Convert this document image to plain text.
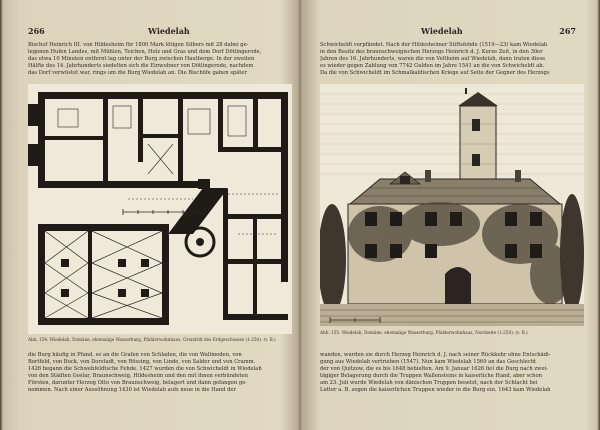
266	Wiedelah
Bischof Heinrich III. von Hildesheim für 1800 Mark lötigen Silbers mit 28 dabei ge-
legenen Hufen Landes, mit Mühlen, Teichen, Holz und Gras und dem Dorf Dötlingerode,
das etwa 10 Minuten entfernt lag unter der Burg zwischen Hautberge. In der zweiten
Hälfte des 14. Jahrhunderts siedelten sich die Einwohner von Dötlingerode, nachdem
das Dorf verwüstet war, rings um die Burg Wiedelah an. Die Bischöfe gaben später
Abb. 154. Wiedelah, Domäne, ehemalige Wasserburg, Pfahlerwohnhaus, Grundriß des Erdgeschosses (1:250). (v. B.)
die Burg häufig in Pfand, so an die Grafen von Schladen, die von Wallmoden, von
Bortfeld, von Bock, von Dorstadt, von Rössing, von Linde, von Salder und von Cramm.
1426 begann die Schwehfeldtsche Fehde. 1427 wurden die von Schwicheldt in Wiedelah
von den Städten Goslar, Braunschweig, Hildesheim und den mit ihnen verbündeten
Fürsten, darunter Herzog Otto von Braunschweig, belagert und dann gefangen ge-
nommen. Nach einer Aussöhnung 1430 ist Wiedelah aufs neue in die Hand der
Wiedelah	267
Schwicheldt verpfändet. Nach der Hildesheimer Stiftsfehde (1519—23) kam Wiedelah
in den Besitz des braunschweigischen Herzogs Heinrich d. J. Kurze Zeit, in den 30er
Jahren des 16. Jahrhunderts, waren die von Veltheim auf Wiedelah, dann traten diese
es wieder gegen Zahlung von 7742 Gulden im Jahre 1541 an die von Schwicheldt ab.
Da die von Schwicheldt im Schmalkaldischen Kriege auf Seite der Gegner des Herzogs
Abb. 155. Wiedelah, Domäne, ehemalige Wasserburg, Pfahlerwohnhaus, Nordseite (1:250). (v. B.)
wanden, wurden sie durch Herzog Heinrich d. J. nach seiner Rückkehr ohne Entschädi-
gung aus Wiedelah vertrieben (1547). Nun kam Wiedelah 1569 an das Geschlecht
der von Quitzow, die es bis 1648 behielten. Am 9. Januar 1626 fiel die Burg nach zwei-
tägiger Belagerung durch die Truppen Wallensteins in kaiserliche Hand, aber schon
am 23. Juli wurde Wiedelah von dänischen Truppen besetzt, nach der Schlacht bei
Lutter a. B. zogen die kaiserlichen Truppen wieder in die Burg ein. 1643 kam Wiedelah
